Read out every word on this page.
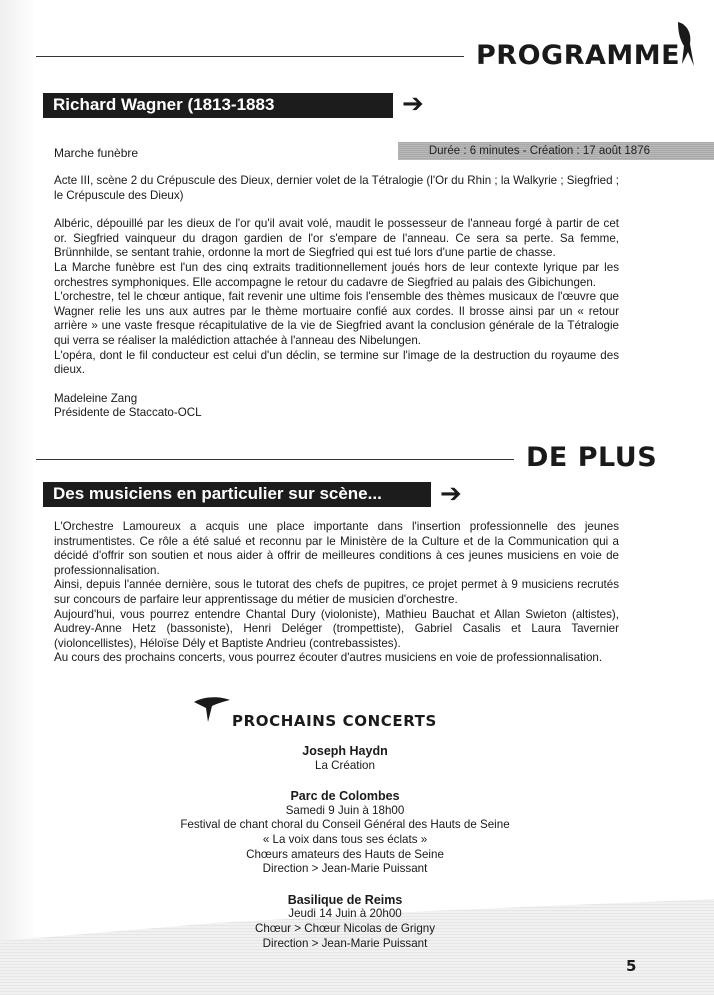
PROGRAMME
Richard Wagner (1813-1883	➔
Marche funèbre	Durée : 6 minutes - Création : 17 août 1876

Acte III, scène 2 du Crépuscule des Dieux, dernier volet de la Tétralogie (l'Or du Rhin ; la Walkyrie ; Siegfried ; le Crépuscule des Dieux)

Albéric, dépouillé par les dieux de l'or qu'il avait volé, maudit le possesseur de l'anneau forgé à partir de cet or. Siegfried vainqueur du dragon gardien de l'or s'empare de l'anneau. Ce sera sa perte. Sa femme, Brünnhilde, se sentant trahie, ordonne la mort de Siegfried qui est tué lors d'une partie de chasse.

La Marche funèbre est l'un des cinq extraits traditionnellement joués hors de leur contexte lyrique par les orchestres symphoniques. Elle accompagne le retour du cadavre de Siegfried au palais des Gibichungen.

L'orchestre, tel le chœur antique, fait revenir une ultime fois l'ensemble des thèmes musicaux de l'œuvre que Wagner relie les uns aux autres par le thème mortuaire confié aux cordes. Il brosse ainsi par un « retour arrière » une vaste fresque récapitulative de la vie de Siegfried avant la conclusion générale de la Tétralogie qui verra se réaliser la malédiction attachée à l'anneau des Nibelungen.

L'opéra, dont le fil conducteur est celui d'un déclin, se termine sur l'image de la destruction du royaume des dieux.

Madeleine Zang

Présidente de Staccato-OCL

DE PLUS
Des musiciens en particulier sur scène...	➔

L'Orchestre Lamoureux a acquis une place importante dans l'insertion professionnelle des jeunes instrumentistes. Ce rôle a été salué et reconnu par le Ministère de la Culture et de la Communication qui a décidé d'offrir son soutien et nous aider à offrir de meilleures conditions à ces jeunes musiciens en voie de professionnalisation.

Ainsi, depuis l'année dernière, sous le tutorat des chefs de pupitres, ce projet permet à 9 musiciens recrutés sur concours de parfaire leur apprentissage du métier de musicien d'orchestre.

Aujourd'hui, vous pourrez entendre Chantal Dury (violoniste), Mathieu Bauchat et Allan Swieton (altistes), Audrey-Anne Hetz (bassoniste), Henri Deléger (trompettiste), Gabriel Casalis et Laura Tavernier (violoncellistes), Héloïse Dély et Baptiste Andrieu (contrebassistes).

Au cours des prochains concerts, vous pourrez écouter d'autres musiciens en voie de professionnalisation.

PROCHAINS CONCERTS
Joseph Haydn
La Création
Parc de Colombes
Samedi 9 Juin à 18h00
Festival de chant choral du Conseil Général des Hauts de Seine
« La voix dans tous ses éclats »
Chœurs amateurs des Hauts de Seine
Direction > Jean-Marie Puissant
Basilique de Reims
Jeudi 14 Juin à 20h00
Chœur > Chœur Nicolas de Grigny
Direction > Jean-Marie Puissant
5
